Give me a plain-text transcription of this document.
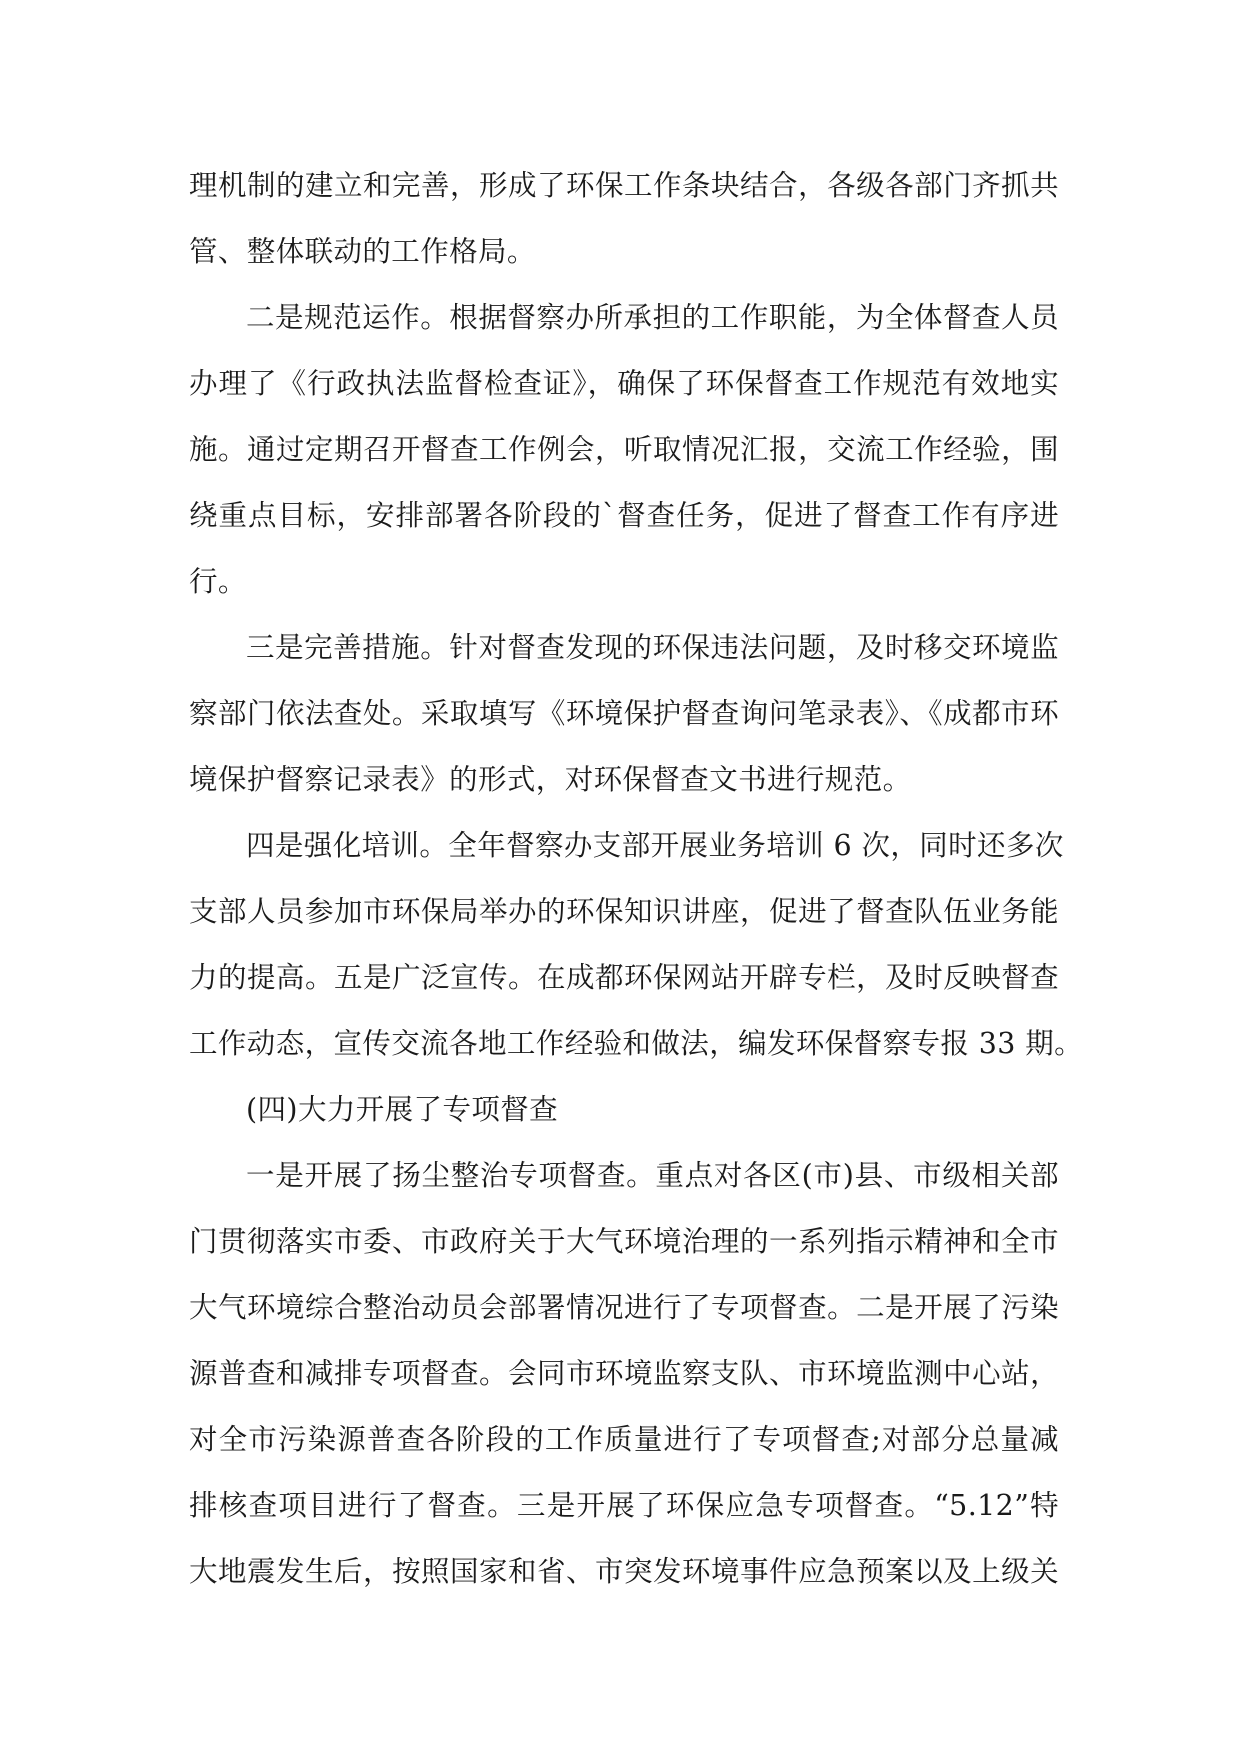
理机制的建立和完善，形成了环保工作条块结合，各级各部门齐抓共
管、整体联动的工作格局。
二是规范运作。根据督察办所承担的工作职能，为全体督查人员
办理了《行政执法监督检查证》，确保了环保督查工作规范有效地实
施。通过定期召开督查工作例会，听取情况汇报，交流工作经验，围
绕重点目标，安排部署各阶段的`督查任务，促进了督查工作有序进
行。
三是完善措施。针对督查发现的环保违法问题，及时移交环境监
察部门依法查处。采取填写《环境保护督查询问笔录表》、《成都市环
境保护督察记录表》的形式，对环保督查文书进行规范。
四是强化培训。全年督察办支部开展业务培训 6 次，同时还多次
支部人员参加市环保局举办的环保知识讲座，促进了督查队伍业务能
力的提高。五是广泛宣传。在成都环保网站开辟专栏，及时反映督查
工作动态，宣传交流各地工作经验和做法，编发环保督察专报 33 期。
(四)大力开展了专项督查
一是开展了扬尘整治专项督查。重点对各区(市)县、市级相关部
门贯彻落实市委、市政府关于大气环境治理的一系列指示精神和全市
大气环境综合整治动员会部署情况进行了专项督查。二是开展了污染
源普查和减排专项督查。会同市环境监察支队、市环境监测中心站，
对全市污染源普查各阶段的工作质量进行了专项督查;对部分总量减
排核查项目进行了督查。三是开展了环保应急专项督查。“5.12”特
大地震发生后，按照国家和省、市突发环境事件应急预案以及上级关
